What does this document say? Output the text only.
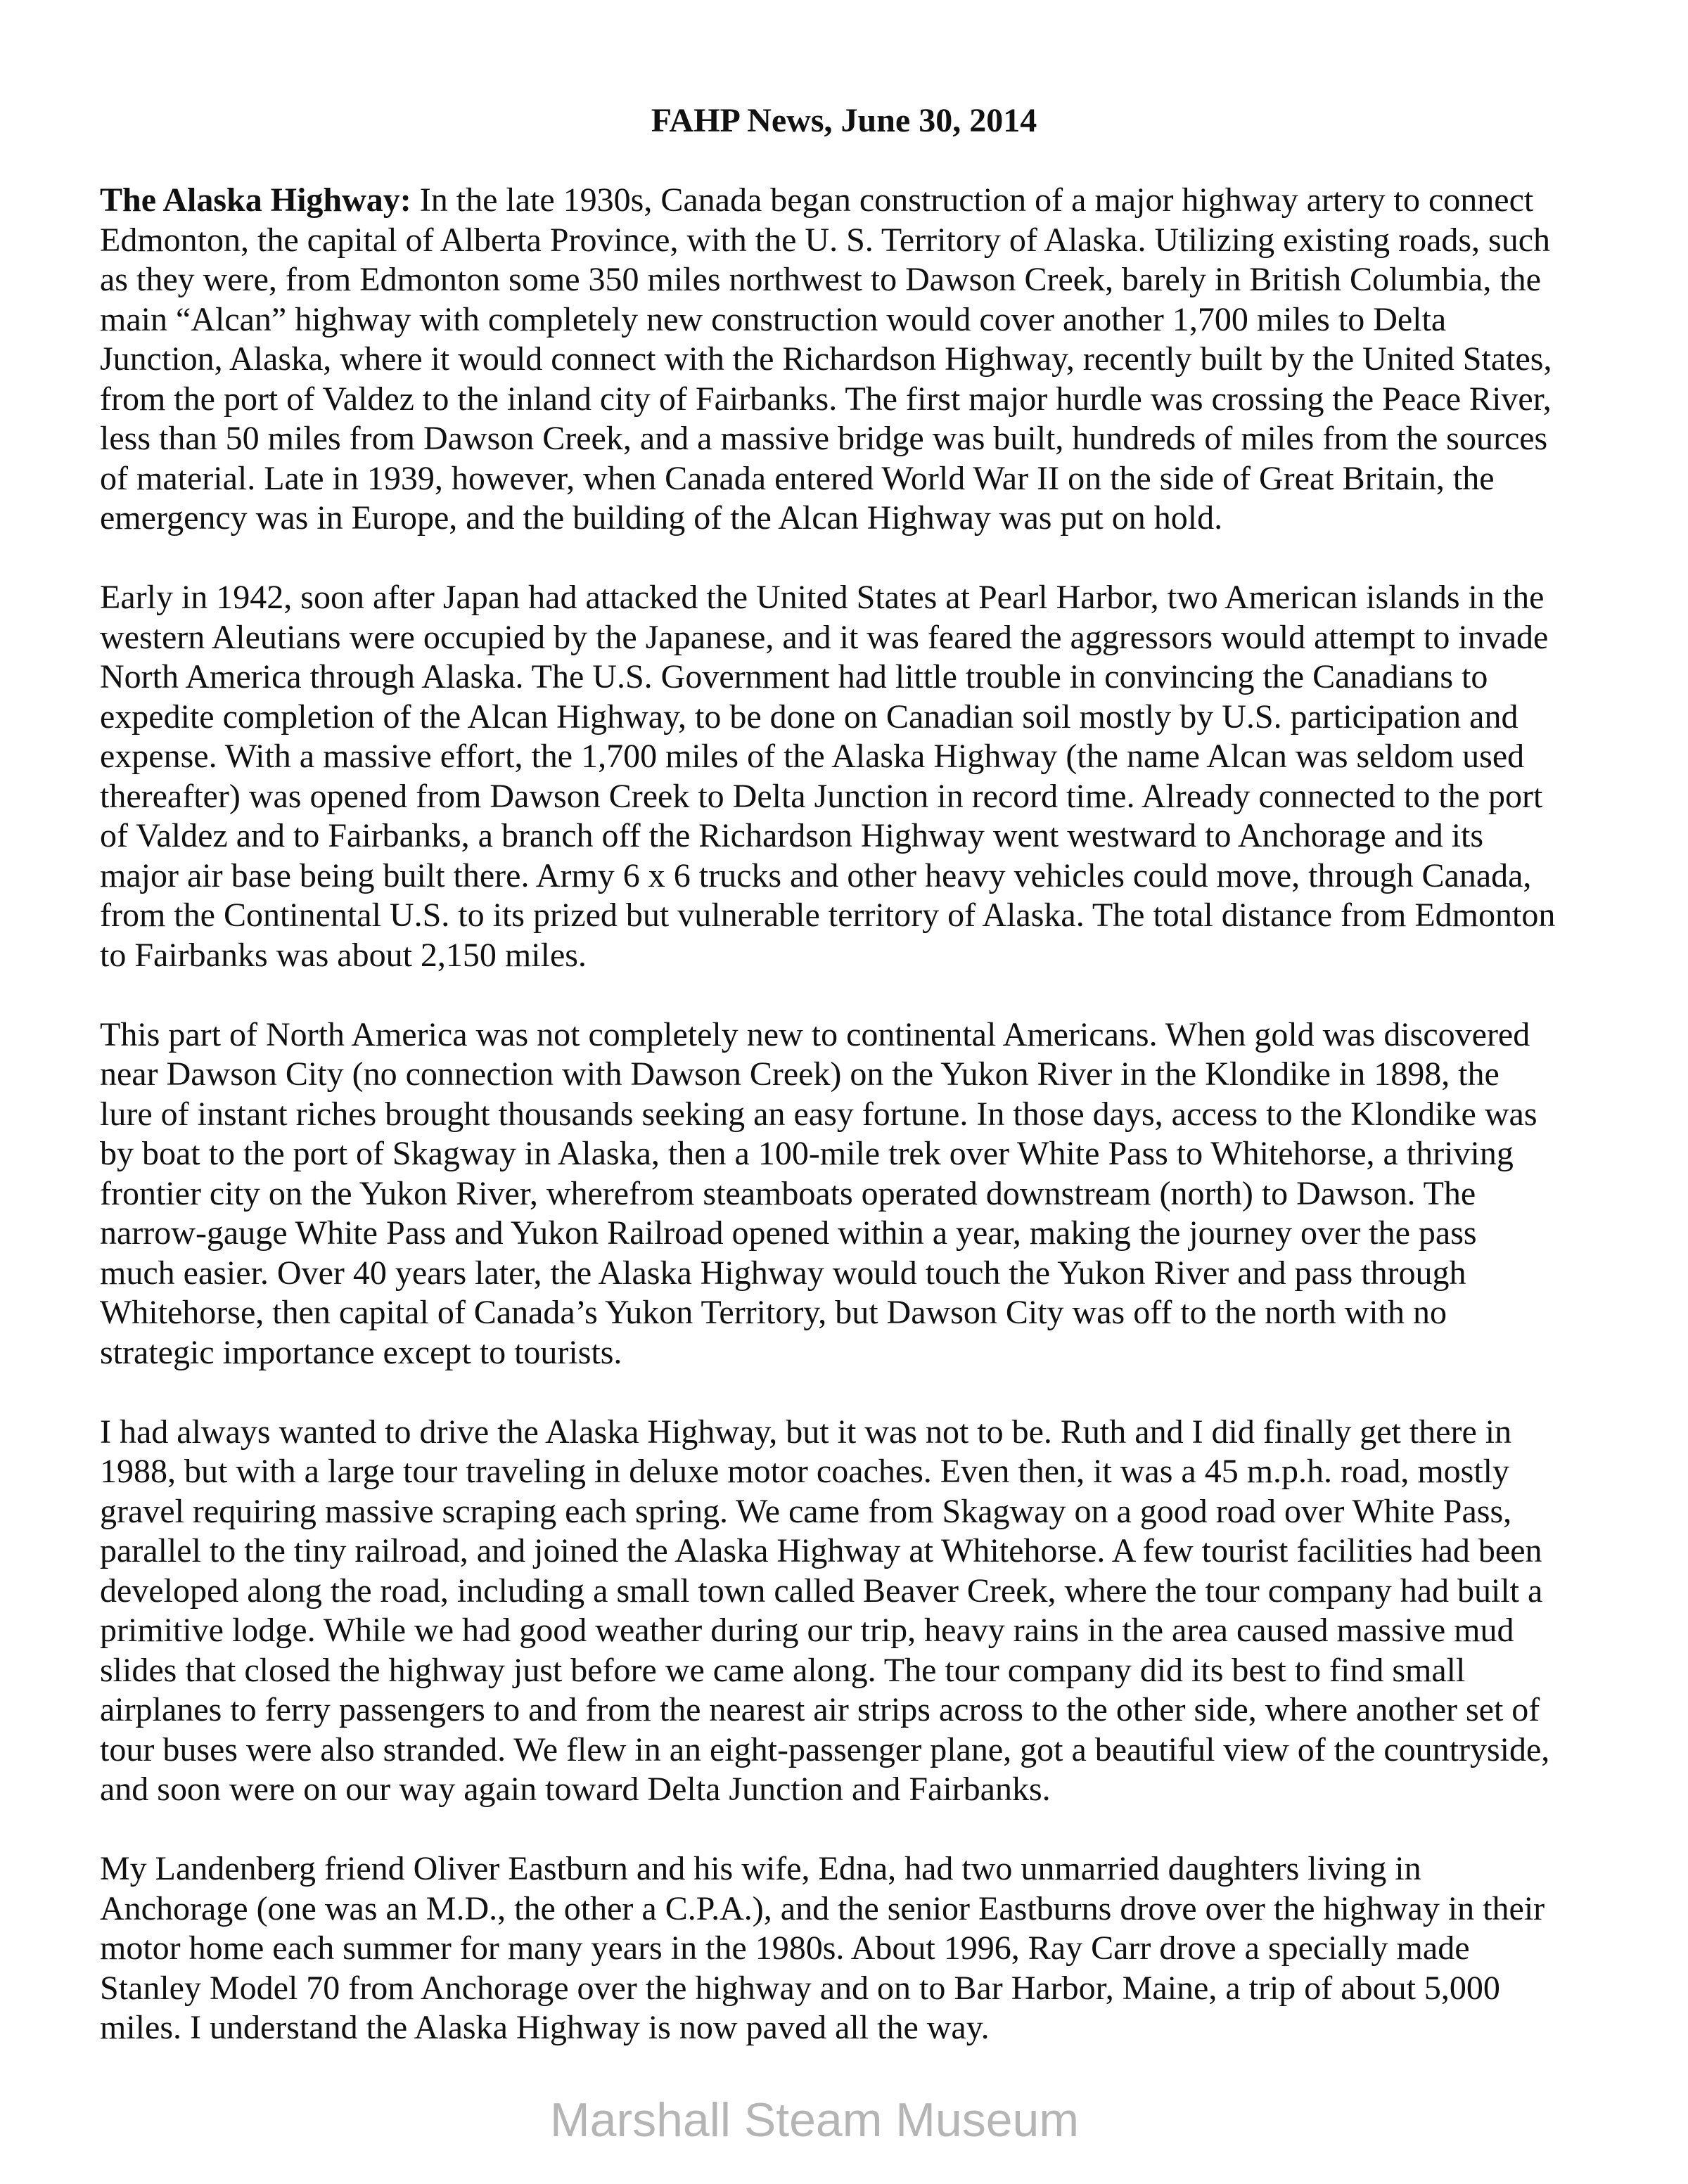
FAHP News, June 30, 2014
The Alaska Highway: In the late 1930s, Canada began construction of a major highway artery to connect
Edmonton, the capital of Alberta Province, with the U. S. Territory of Alaska. Utilizing existing roads, such
as they were, from Edmonton some 350 miles northwest to Dawson Creek, barely in British Columbia, the
main “Alcan” highway with completely new construction would cover another 1,700 miles to Delta
Junction, Alaska, where it would connect with the Richardson Highway, recently built by the United States,
from the port of Valdez to the inland city of Fairbanks. The first major hurdle was crossing the Peace River,
less than 50 miles from Dawson Creek, and a massive bridge was built, hundreds of miles from the sources
of material. Late in 1939, however, when Canada entered World War II on the side of Great Britain, the
emergency was in Europe, and the building of the Alcan Highway was put on hold.
Early in 1942, soon after Japan had attacked the United States at Pearl Harbor, two American islands in the
western Aleutians were occupied by the Japanese, and it was feared the aggressors would attempt to invade
North America through Alaska. The U.S. Government had little trouble in convincing the Canadians to
expedite completion of the Alcan Highway, to be done on Canadian soil mostly by U.S. participation and
expense. With a massive effort, the 1,700 miles of the Alaska Highway (the name Alcan was seldom used
thereafter) was opened from Dawson Creek to Delta Junction in record time. Already connected to the port
of Valdez and to Fairbanks, a branch off the Richardson Highway went westward to Anchorage and its
major air base being built there. Army 6 x 6 trucks and other heavy vehicles could move, through Canada,
from the Continental U.S. to its prized but vulnerable territory of Alaska. The total distance from Edmonton
to Fairbanks was about 2,150 miles.
This part of North America was not completely new to continental Americans. When gold was discovered
near Dawson City (no connection with Dawson Creek) on the Yukon River in the Klondike in 1898, the
lure of instant riches brought thousands seeking an easy fortune. In those days, access to the Klondike was
by boat to the port of Skagway in Alaska, then a 100-mile trek over White Pass to Whitehorse, a thriving
frontier city on the Yukon River, wherefrom steamboats operated downstream (north) to Dawson. The
narrow-gauge White Pass and Yukon Railroad opened within a year, making the journey over the pass
much easier. Over 40 years later, the Alaska Highway would touch the Yukon River and pass through
Whitehorse, then capital of Canada’s Yukon Territory, but Dawson City was off to the north with no
strategic importance except to tourists.
I had always wanted to drive the Alaska Highway, but it was not to be. Ruth and I did finally get there in
1988, but with a large tour traveling in deluxe motor coaches. Even then, it was a 45 m.p.h. road, mostly
gravel requiring massive scraping each spring. We came from Skagway on a good road over White Pass,
parallel to the tiny railroad, and joined the Alaska Highway at Whitehorse. A few tourist facilities had been
developed along the road, including a small town called Beaver Creek, where the tour company had built a
primitive lodge. While we had good weather during our trip, heavy rains in the area caused massive mud
slides that closed the highway just before we came along. The tour company did its best to find small
airplanes to ferry passengers to and from the nearest air strips across to the other side, where another set of
tour buses were also stranded. We flew in an eight-passenger plane, got a beautiful view of the countryside,
and soon were on our way again toward Delta Junction and Fairbanks.
My Landenberg friend Oliver Eastburn and his wife, Edna, had two unmarried daughters living in
Anchorage (one was an M.D., the other a C.P.A.), and the senior Eastburns drove over the highway in their
motor home each summer for many years in the 1980s. About 1996, Ray Carr drove a specially made
Stanley Model 70 from Anchorage over the highway and on to Bar Harbor, Maine, a trip of about 5,000
miles. I understand the Alaska Highway is now paved all the way.
Marshall Steam Museum
